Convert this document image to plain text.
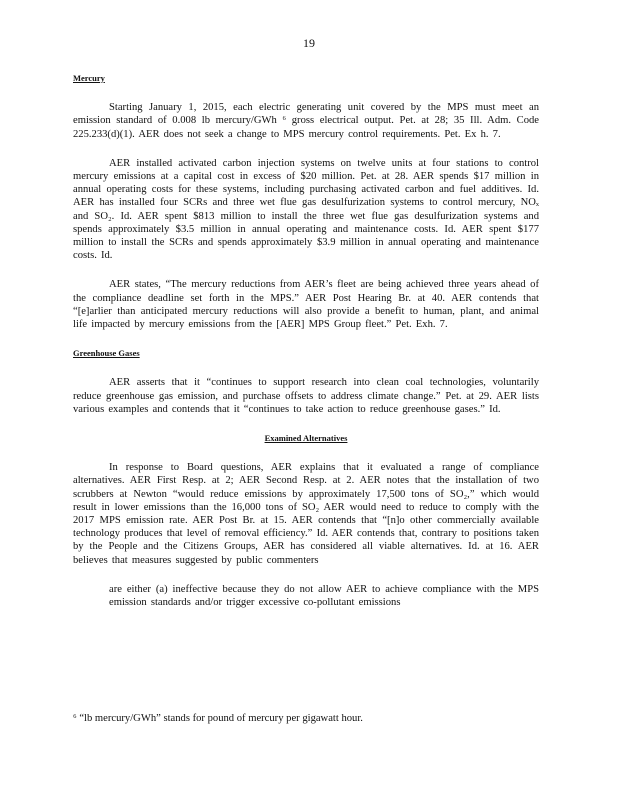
19
Mercury

Starting January 1, 2015, each electric generating unit covered by the MPS must meet an emission standard of 0.008 lb mercury/GWh ⁶ gross electrical output. Pet. at 28; 35 Ill. Adm. Code 225.233(d)(1). AER does not seek a change to MPS mercury control requirements. Pet. Ex h. 7.

AER installed activated carbon injection systems on twelve units at four stations to control mercury emissions at a capital cost in excess of $20 million. Pet. at 28. AER spends $17 million in annual operating costs for these systems, including purchasing activated carbon and fuel additives. Id. AER has installed four SCRs and three wet flue gas desulfurization systems to control mercury, NOₓ and SO₂. Id. AER spent $813 million to install the three wet flue gas desulfurization systems and spends approximately $3.5 million in annual operating and maintenance costs. Id. AER spent $177 million to install the SCRs and spends approximately $3.9 million in annual operating and maintenance costs. Id.

AER states, “The mercury reductions from AER’s fleet are being achieved three years ahead of the compliance deadline set forth in the MPS.” AER Post Hearing Br. at 40. AER contends that “[e]arlier than anticipated mercury reductions will also provide a benefit to human, plant, and animal life impacted by mercury emissions from the [AER] MPS Group fleet.” Pet. Exh. 7.

Greenhouse Gases

AER asserts that it “continues to support research into clean coal technologies, voluntarily reduce greenhouse gas emission, and purchase offsets to address climate change.” Pet. at 29. AER lists various examples and contends that it “continues to take action to reduce greenhouse gases.” Id.

Examined Alternatives

In response to Board questions, AER explains that it evaluated a range of compliance alternatives. AER First Resp. at 2; AER Second Resp. at 2. AER notes that the installation of two scrubbers at Newton “would reduce emissions by approximately 17,500 tons of SO₂,” which would result in lower emissions than the 16,000 tons of SO₂ AER would need to reduce to comply with the 2017 MPS emission rate. AER Post Br. at 15. AER contends that “[n]o other commercially available technology produces that level of removal efficiency.” Id. AER contends that, contrary to positions taken by the People and the Citizens Groups, AER has considered all viable alternatives. Id. at 16. AER believes that measures suggested by public commenters

are either (a) ineffective because they do not allow AER to achieve compliance with the MPS emission standards and/or trigger excessive co-pollutant emissions

⁶ “lb mercury/GWh” stands for pound of mercury per gigawatt hour.
